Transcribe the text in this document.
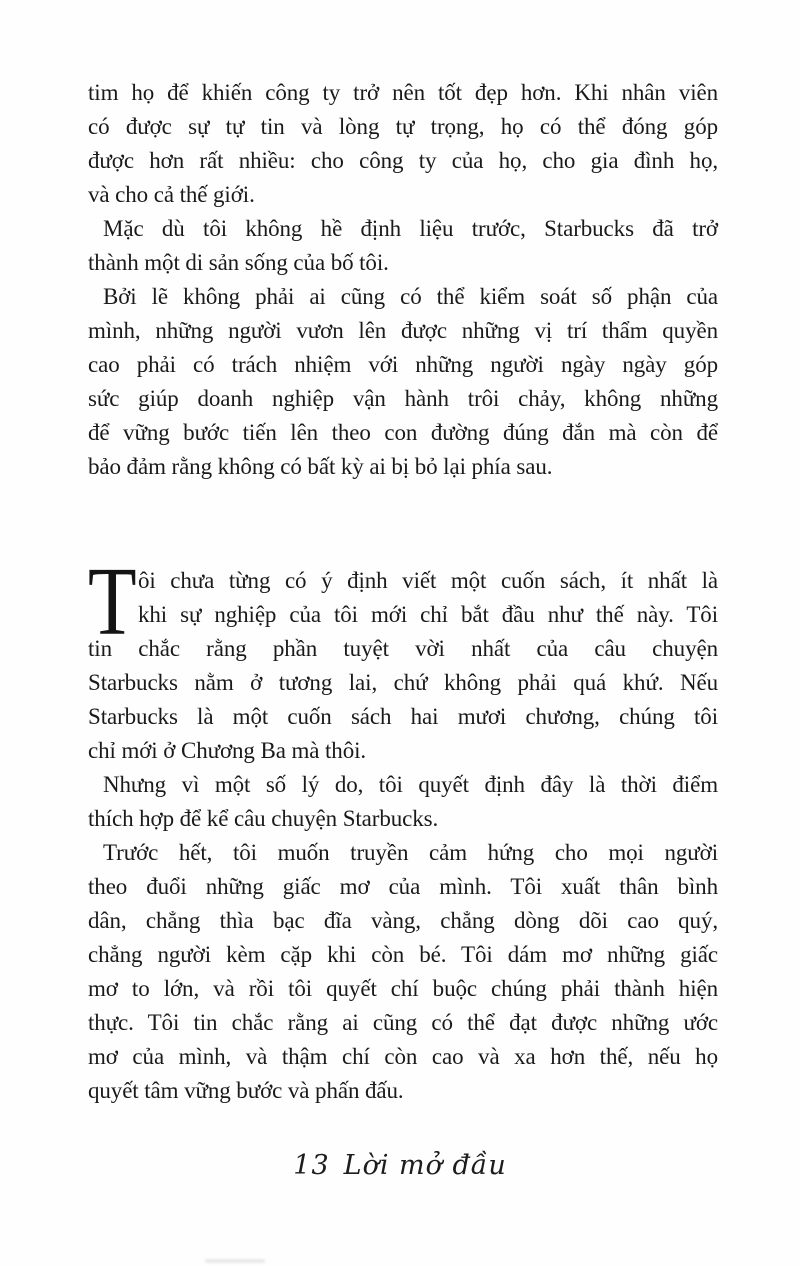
tim họ để khiến công ty trở nên tốt đẹp hơn. Khi nhân viên
có được sự tự tin và lòng tự trọng, họ có thể đóng góp
được hơn rất nhiều: cho công ty của họ, cho gia đình họ,
và cho cả thế giới.
Mặc dù tôi không hề định liệu trước, Starbucks đã trở
thành một di sản sống của bố tôi.
Bởi lẽ không phải ai cũng có thể kiểm soát số phận của
mình, những người vươn lên được những vị trí thẩm quyền
cao phải có trách nhiệm với những người ngày ngày góp
sức giúp doanh nghiệp vận hành trôi chảy, không những
để vững bước tiến lên theo con đường đúng đắn mà còn để
bảo đảm rằng không có bất kỳ ai bị bỏ lại phía sau.
T ôi chưa từng có ý định viết một cuốn sách, ít nhất là
khi sự nghiệp của tôi mới chỉ bắt đầu như thế này. Tôi
tin chắc rằng phần tuyệt vời nhất của câu chuyện
Starbucks nằm ở tương lai, chứ không phải quá khứ. Nếu
Starbucks là một cuốn sách hai mươi chương, chúng tôi
chỉ mới ở Chương Ba mà thôi.
Nhưng vì một số lý do, tôi quyết định đây là thời điểm
thích hợp để kể câu chuyện Starbucks.
Trước hết, tôi muốn truyền cảm hứng cho mọi người
theo đuổi những giấc mơ của mình. Tôi xuất thân bình
dân, chẳng thìa bạc đĩa vàng, chẳng dòng dõi cao quý,
chẳng người kèm cặp khi còn bé. Tôi dám mơ những giấc
mơ to lớn, và rồi tôi quyết chí buộc chúng phải thành hiện
thực. Tôi tin chắc rằng ai cũng có thể đạt được những ước
mơ của mình, và thậm chí còn cao và xa hơn thế, nếu họ
quyết tâm vững bước và phấn đấu.
13 Lời mở đầu
